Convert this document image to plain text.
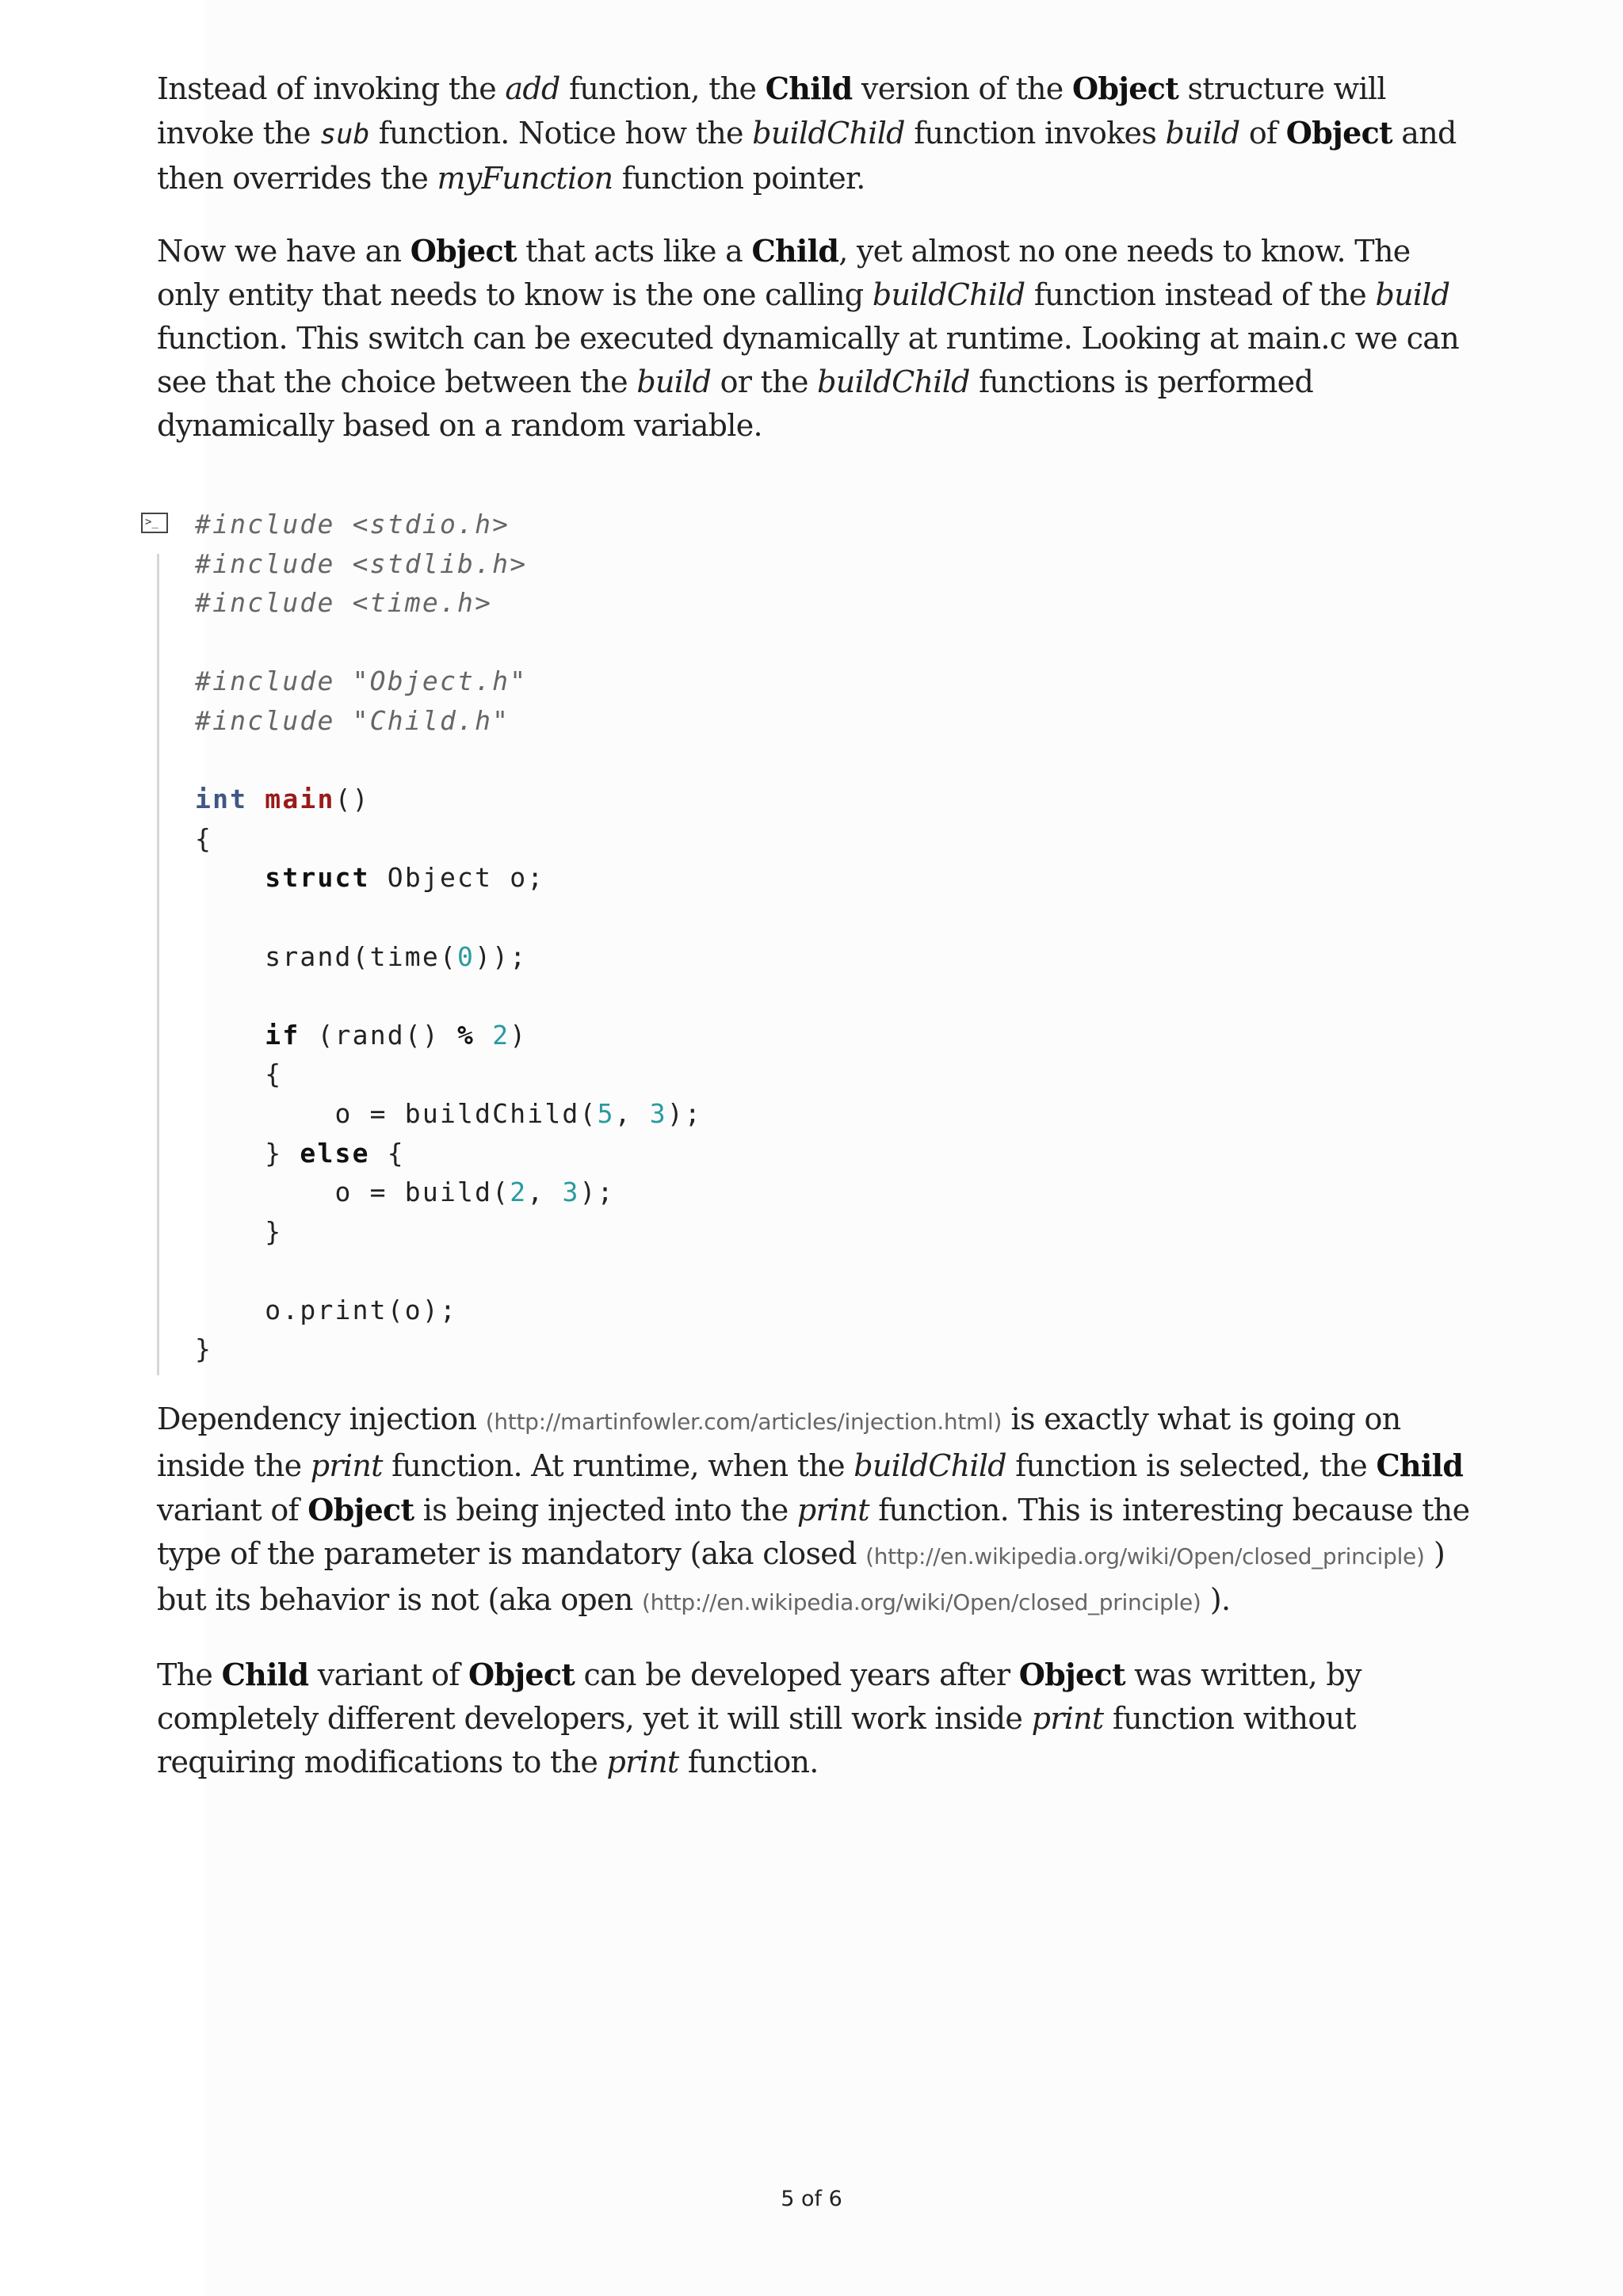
Instead of invoking the add function, the Child version of the Object structure will invoke the sub function. Notice how the buildChild function invokes build of Object and then overrides the myFunction function pointer.

Now we have an Object that acts like a Child, yet almost no one needs to know. The only entity that needs to know is the one calling buildChild function instead of the build function. This switch can be executed dynamically at runtime. Looking at main.c we can see that the choice between the build or the buildChild functions is performed dynamically based on a random variable.

>_	#include <stdio.h>
#include <stdlib.h>
#include <time.h>

#include "Object.h"
#include "Child.h"

int main()
{
struct Object o;

srand(time(0));

if (rand() % 2)
{
o = buildChild(5, 3);
} else {
o = build(2, 3);
}

o.print(o);
}

Dependency injection (http://martinfowler.com/articles/injection.html) is exactly what is going on inside the print function. At runtime, when the buildChild function is selected, the Child variant of Object is being injected into the print function. This is interesting because the type of the parameter is mandatory (aka closed (http://en.wikipedia.org/wiki/Open/closed_principle) ) but its behavior is not (aka open (http://en.wikipedia.org/wiki/Open/closed_principle) ).

The Child variant of Object can be developed years after Object was written, by completely different developers, yet it will still work inside print function without requiring modifications to the print function.

5 of 6
